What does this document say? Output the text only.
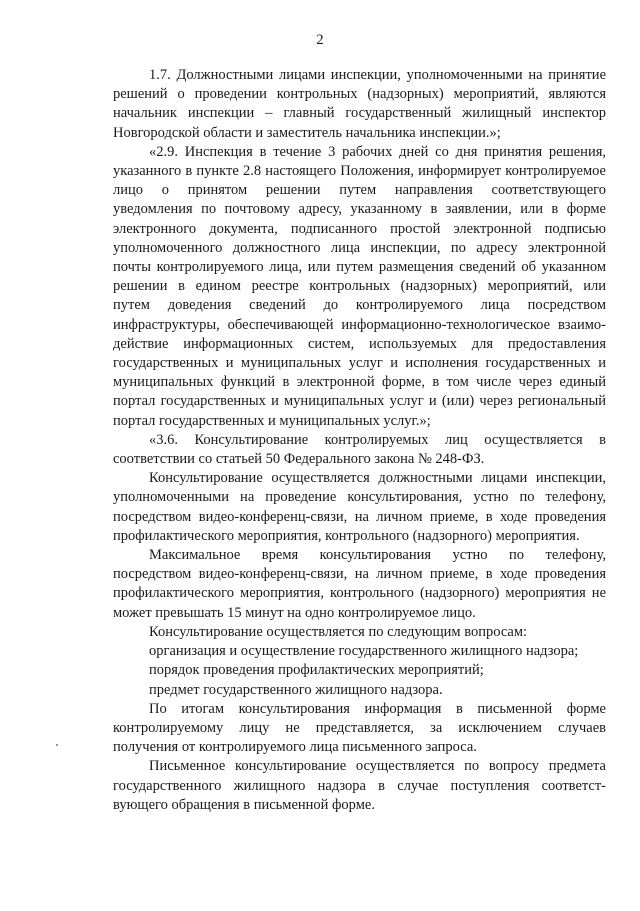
2
1.7. Должностными лицами инспекции, уполномоченными на принятие
решений о проведении контрольных (надзорных) мероприятий, являются
начальник инспекции – главный государственный жилищный инспектор
Новгородской области и заместитель начальника инспекции.»;
«2.9. Инспекция в течение 3 рабочих дней со дня принятия решения,
указанного в пункте 2.8 настоящего Положения, информирует контролируемое
лицо о принятом решении путем направления соответствующего
уведомления по почтовому адресу, указанному в заявлении, или в форме
электронного документа, подписанного простой электронной подписью
уполномоченного должностного лица инспекции, по адресу электронной
почты контролируемого лица, или путем размещения сведений об указанном
решении в едином реестре контрольных (надзорных) мероприятий, или
путем доведения сведений до контролируемого лица посредством
инфраструктуры, обеспечивающей информационно-технологическое взаимо-
действие информационных систем, используемых для предоставления
государственных и муниципальных услуг и исполнения государственных и
муниципальных функций в электронной форме, в том числе через единый
портал государственных и муниципальных услуг и (или) через региональный
портал государственных и муниципальных услуг.»;
«3.6. Консультирование контролируемых лиц осуществляется в
соответствии со статьей 50 Федерального закона № 248-ФЗ.
Консультирование осуществляется должностными лицами инспекции,
уполномоченными на проведение консультирования, устно по телефону,
посредством видео-конференц-связи, на личном приеме, в ходе проведения
профилактического мероприятия, контрольного (надзорного) мероприятия.
Максимальное время консультирования устно по телефону,
посредством видео-конференц-связи, на личном приеме, в ходе проведения
профилактического мероприятия, контрольного (надзорного) мероприятия не
может превышать 15 минут на одно контролируемое лицо.
Консультирование осуществляется по следующим вопросам:
организация и осуществление государственного жилищного надзора;
порядок проведения профилактических мероприятий;
предмет государственного жилищного надзора.
По итогам консультирования информация в письменной форме
контролируемому лицу не представляется, за исключением случаев
получения от контролируемого лица письменного запроса.
Письменное консультирование осуществляется по вопросу предмета
государственного жилищного надзора в случае поступления соответст-
вующего обращения в письменной форме.
